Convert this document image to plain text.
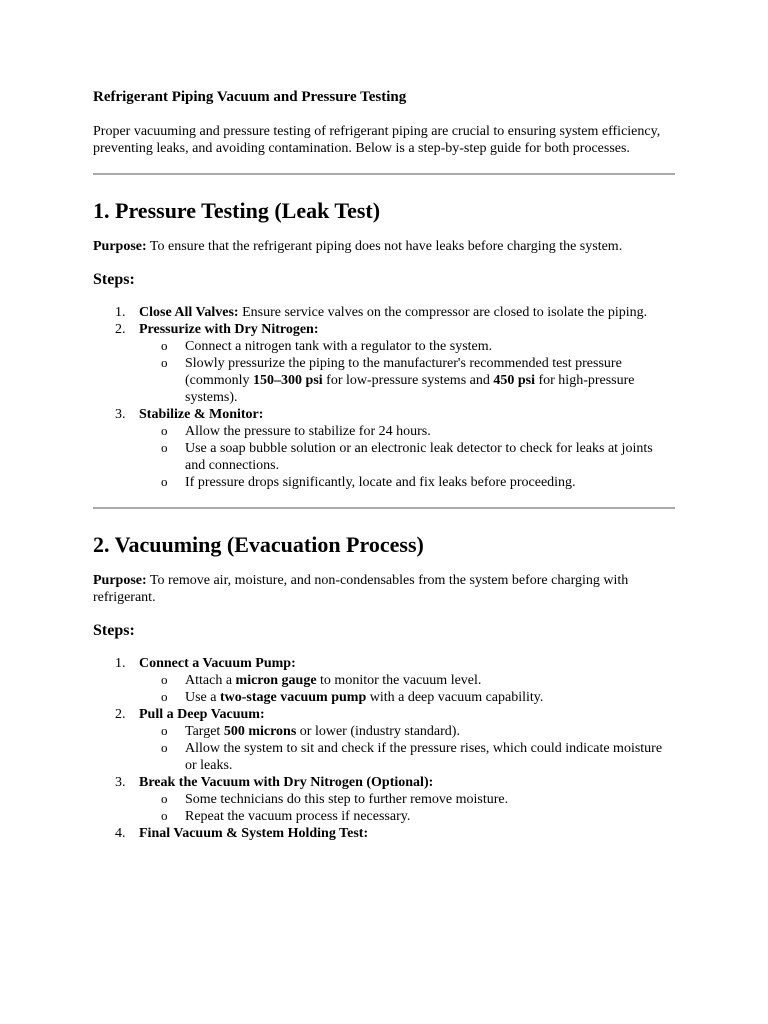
Refrigerant Piping Vacuum and Pressure Testing

Proper vacuuming and pressure testing of refrigerant piping are crucial to ensuring system efficiency, preventing leaks, and avoiding contamination. Below is a step-by-step guide for both processes.

1. Pressure Testing (Leak Test)

Purpose: To ensure that the refrigerant piping does not have leaks before charging the system.

Steps:
1. Close All Valves: Ensure service valves on the compressor are closed to isolate the piping.
2. Pressurize with Dry Nitrogen:
o Connect a nitrogen tank with a regulator to the system.
o Slowly pressurize the piping to the manufacturer's recommended test pressure (commonly 150–300 psi for low-pressure systems and 450 psi for high-pressure systems).
3. Stabilize & Monitor:
o Allow the pressure to stabilize for 24 hours.
o Use a soap bubble solution or an electronic leak detector to check for leaks at joints and connections.
o If pressure drops significantly, locate and fix leaks before proceeding.
2. Vacuuming (Evacuation Process)

Purpose: To remove air, moisture, and non-condensables from the system before charging with refrigerant.

Steps:
1. Connect a Vacuum Pump:
o Attach a micron gauge to monitor the vacuum level.
o Use a two-stage vacuum pump with a deep vacuum capability.
2. Pull a Deep Vacuum:
o Target 500 microns or lower (industry standard).
o Allow the system to sit and check if the pressure rises, which could indicate moisture or leaks.
3. Break the Vacuum with Dry Nitrogen (Optional):
o Some technicians do this step to further remove moisture.
o Repeat the vacuum process if necessary.
4. Final Vacuum & System Holding Test:
